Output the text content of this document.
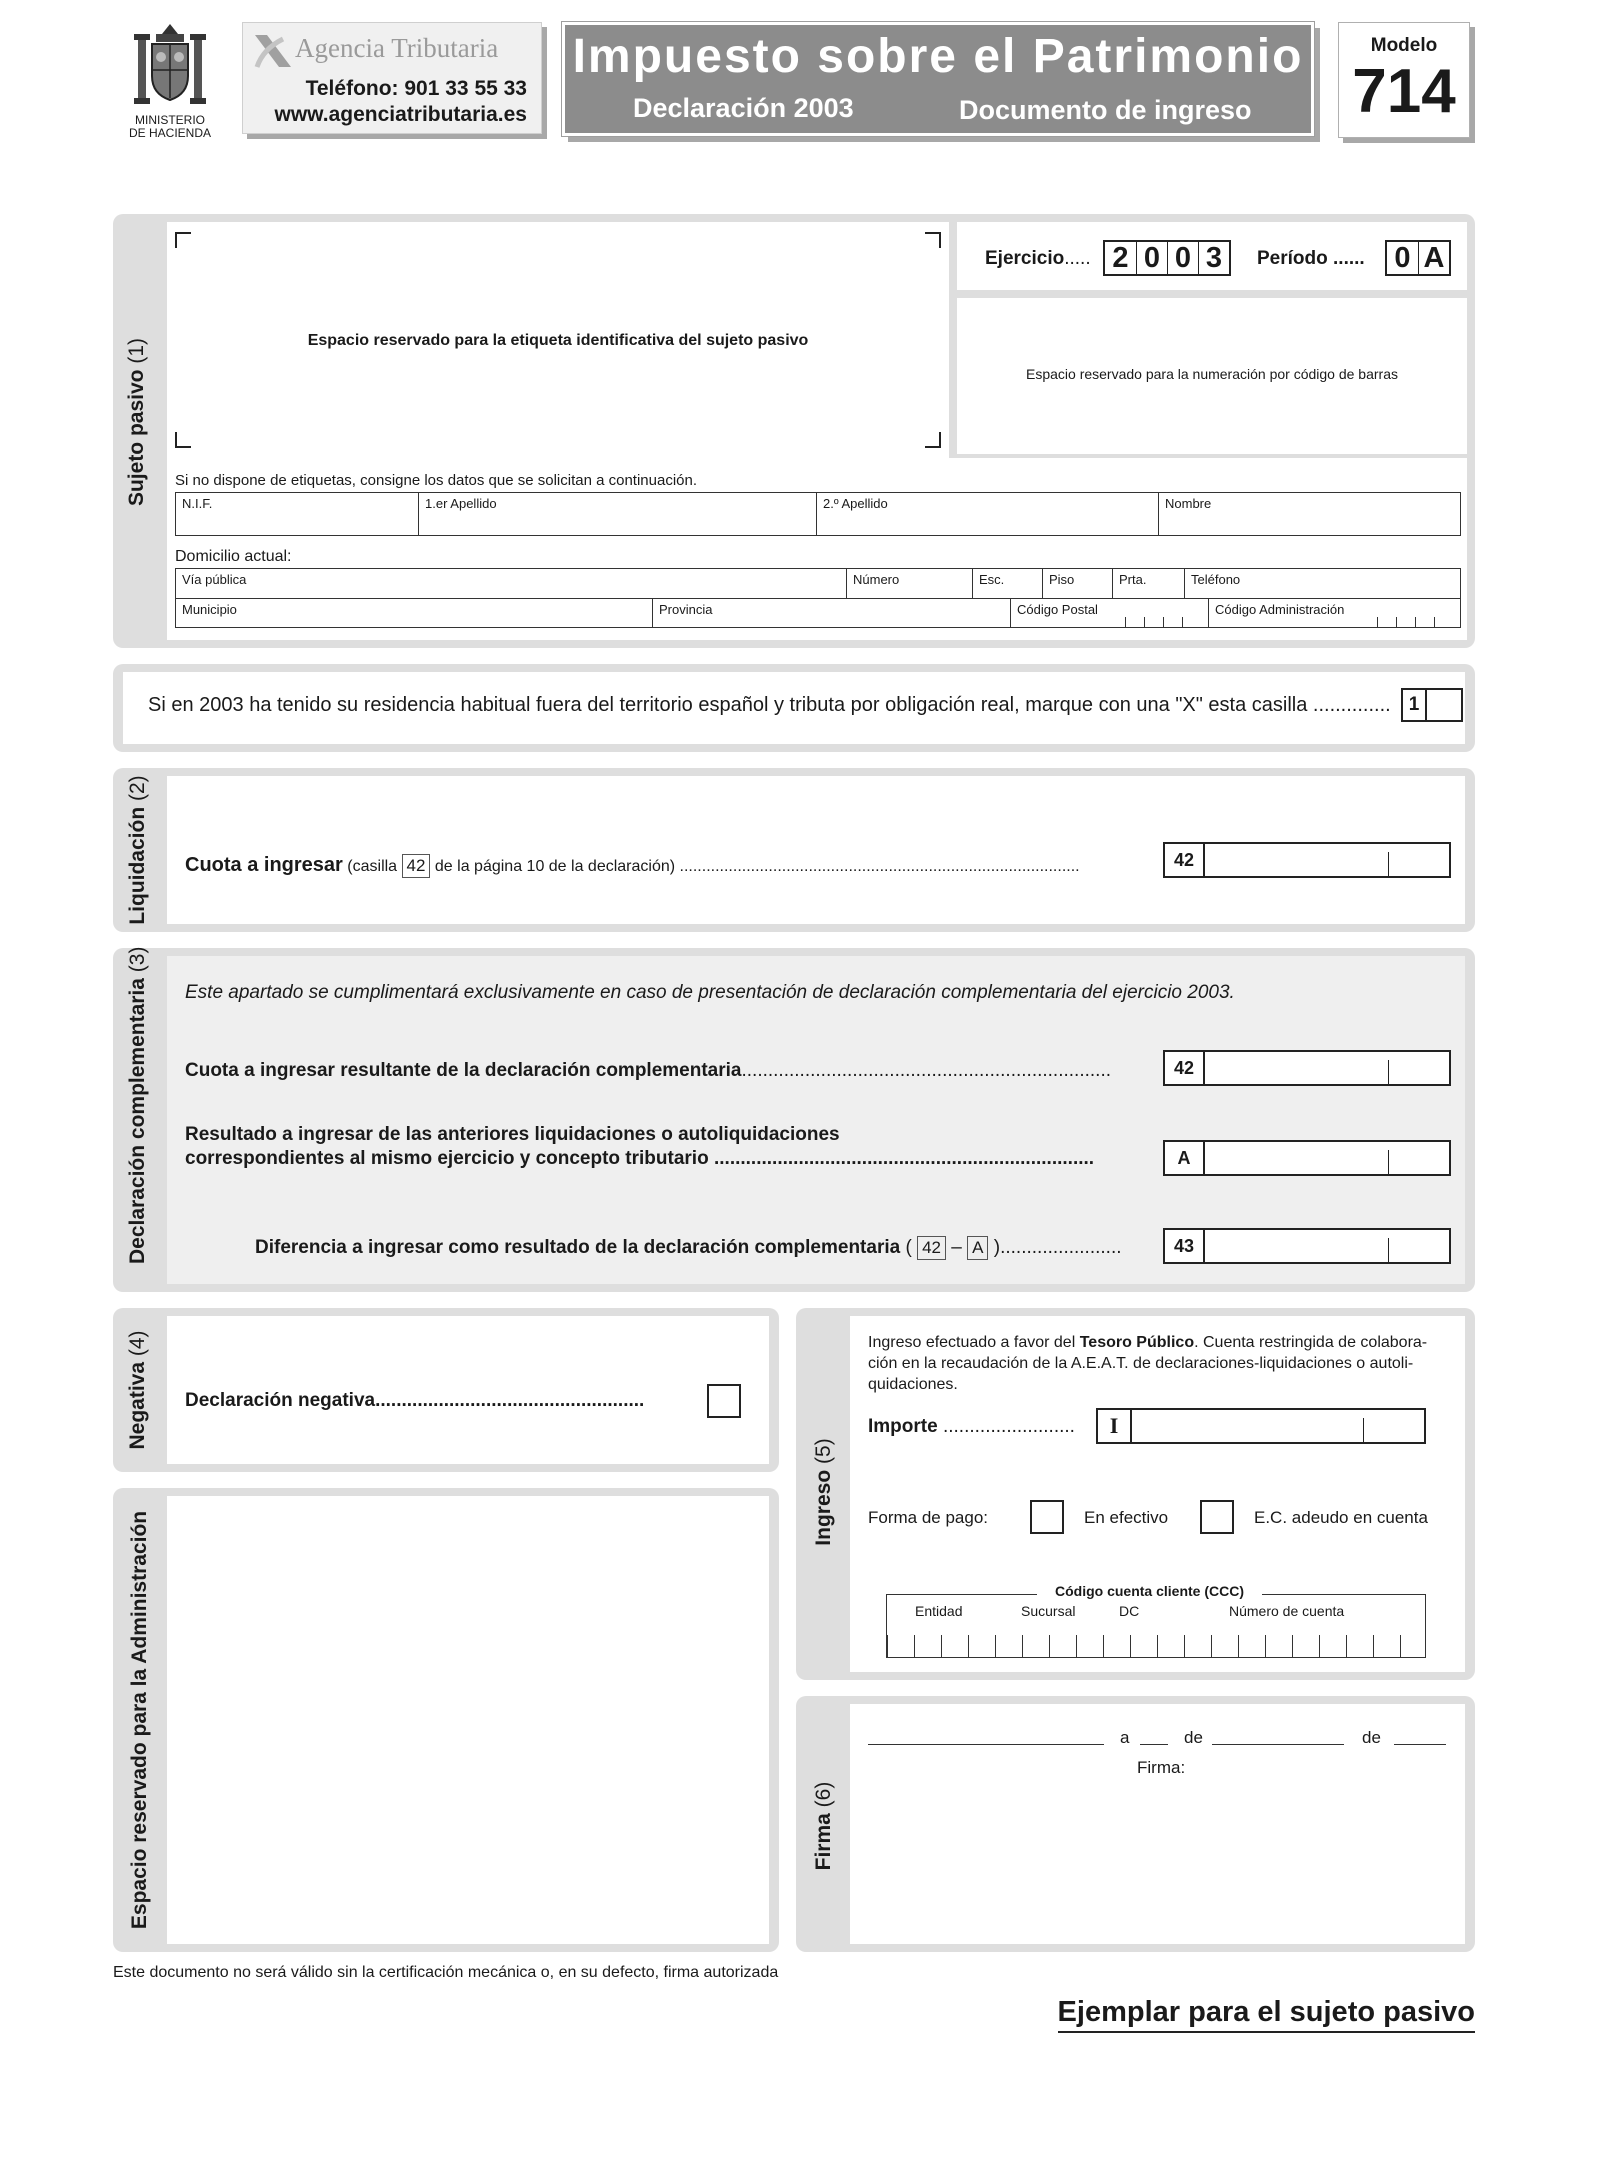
MINISTERIO
DE HACIENDA
Agencia Tributaria
Teléfono: 901 33 55 33
www.agenciatributaria.es
Impuesto sobre el Patrimonio
Declaración 2003	Documento de ingreso
Modelo
714
Sujeto pasivo (1)	Espacio reservado para la etiqueta identificativa del sujeto pasivo
Ejercicio..... 2 0 0 3	Período ...... 0 A
Espacio reservado para la numeración por código de barras
Si no dispone de etiquetas, consigne los datos que se solicitan a continuación.
N.I.F.	1.er Apellido	2.º Apellido	Nombre
Domicilio actual:
Vía pública	Número	Esc.	Piso	Prta.	Teléfono
Municipio	Provincia	Código Postal	Código Administración
Si en 2003 ha tenido su residencia habitual fuera del territorio español y tributa por obligación real, marque con una "X" esta casilla .............. 1
Liquidación (2)
Cuota a ingresar (casilla 42 de la página 10 de la declaración) ..........................................................................................	42
Declaración complementaria (3)
Este apartado se cumplimentará exclusivamente en caso de presentación de declaración complementaria del ejercicio 2003.
Cuota a ingresar resultante de la declaración complementaria......................................................................	42
Resultado a ingresar de las anteriores liquidaciones o autoliquidaciones
correspondientes al mismo ejercicio y concepto tributario ........................................................................	A
Diferencia a ingresar como resultado de la declaración complementaria ( 42 – A ).......................	43
Negativa (4)
Declaración negativa...................................................
Espacio reservado para la Administración
Ingreso (5)
Ingreso efectuado a favor del Tesoro Público. Cuenta restringida de colabora-
ción en la recaudación de la A.E.A.T. de declaraciones-liquidaciones o autoli-
quidaciones.
Importe .........................	I
Forma de pago:	En efectivo	E.C. adeudo en cuenta
Código cuenta cliente (CCC)
Entidad	Sucursal	DC	Número de cuenta
Firma (6)
a	de	de
Firma:
Este documento no será válido sin la certificación mecánica o, en su defecto, firma autorizada
Ejemplar para el sujeto pasivo
